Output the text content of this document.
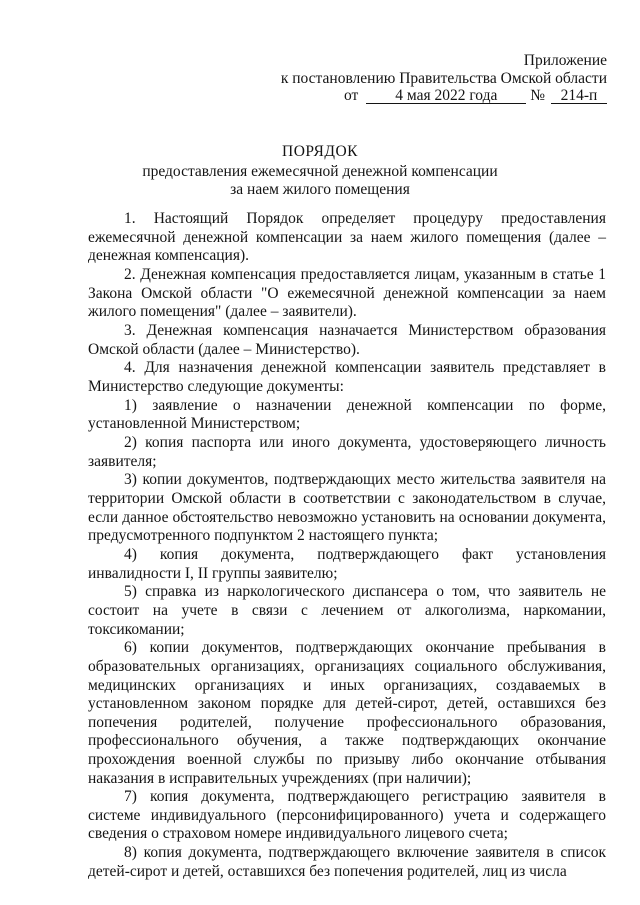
Приложение
к постановлению Правительства Омской области
от 4 мая 2022 года № 214-п
ПОРЯДОК
предоставления ежемесячной денежной компенсации
за наем жилого помещения

1. Настоящий Порядок определяет процедуру предоставления ежемесячной денежной компенсации за наем жилого помещения (далее – денежная компенсация).

2. Денежная компенсация предоставляется лицам, указанным в статье 1 Закона Омской области "О ежемесячной денежной компенсации за наем жилого помещения" (далее – заявители).

3. Денежная компенсация назначается Министерством образования Омской области (далее – Министерство).

4. Для назначения денежной компенсации заявитель представляет в Министерство следующие документы:

1) заявление о назначении денежной компенсации по форме, установленной Министерством;

2) копия паспорта или иного документа, удостоверяющего личность заявителя;

3) копии документов, подтверждающих место жительства заявителя на территории Омской области в соответствии с законодательством в случае, если данное обстоятельство невозможно установить на основании документа, предусмотренного подпунктом 2 настоящего пункта;

4) копия документа, подтверждающего факт установления инвалидности I, II группы заявителю;

5) справка из наркологического диспансера о том, что заявитель не состоит на учете в связи с лечением от алкоголизма, наркомании, токсикомании;

6) копии документов, подтверждающих окончание пребывания в образовательных организациях, организациях социального обслуживания, медицинских организациях и иных организациях, создаваемых в установленном законом порядке для детей-сирот, детей, оставшихся без попечения родителей, получение профессионального образования, профессионального обучения, а также подтверждающих окончание прохождения военной службы по призыву либо окончание отбывания наказания в исправительных учреждениях (при наличии);

7) копия документа, подтверждающего регистрацию заявителя в системе индивидуального (персонифицированного) учета и содержащего сведения о страховом номере индивидуального лицевого счета;

8) копия документа, подтверждающего включение заявителя в список детей-сирот и детей, оставшихся без попечения родителей, лиц из числа
